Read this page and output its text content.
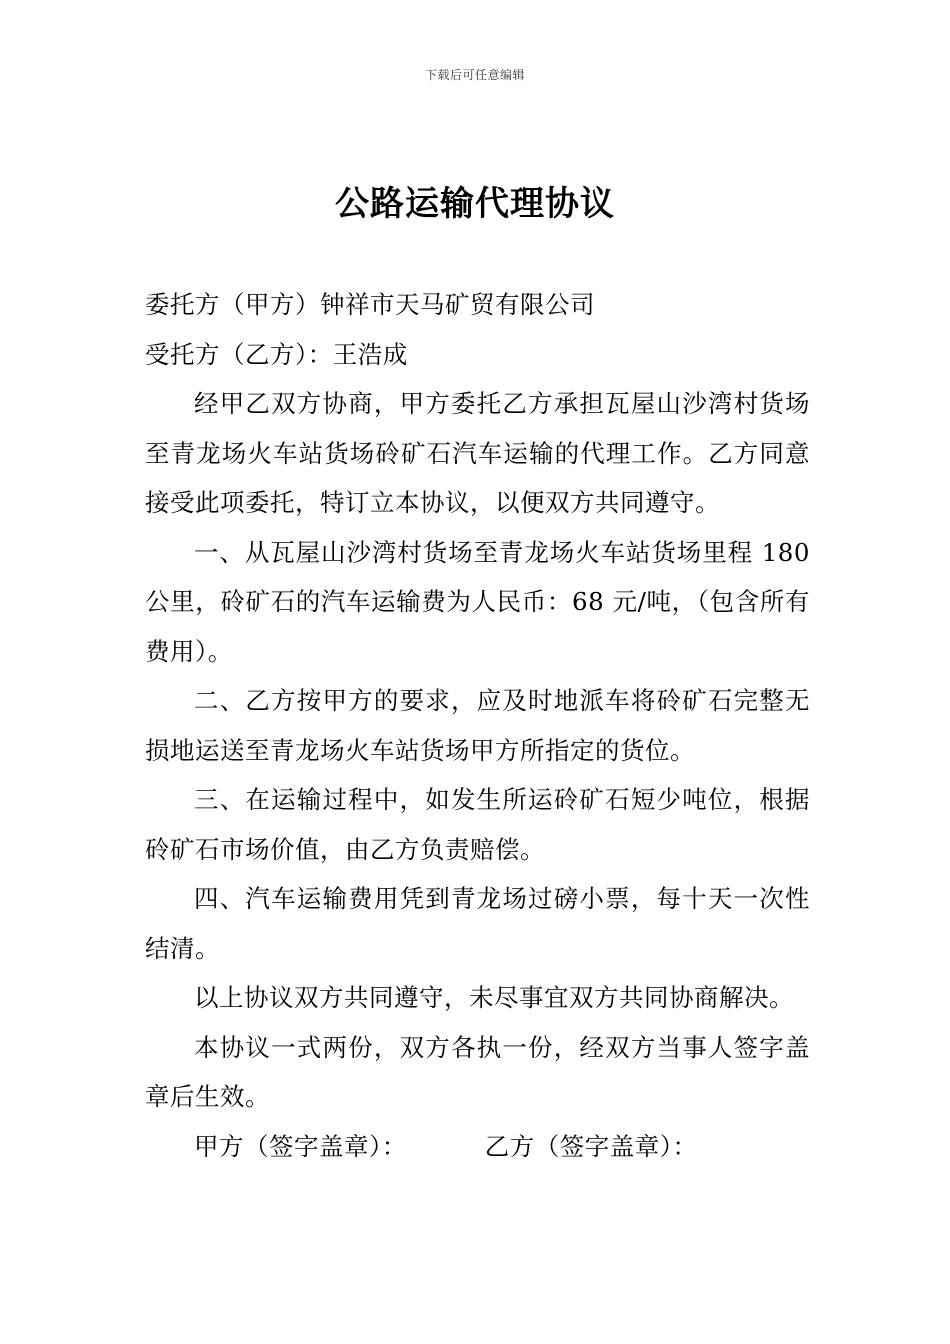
下载后可任意编辑
公路运输代理协议

委托方（甲方）钟祥市天马矿贸有限公司

受托方（乙方）：王浩成

经甲乙双方协商，甲方委托乙方承担瓦屋山沙湾村货场至青龙场火车站货场砱矿石汽车运输的代理工作。乙方同意接受此项委托，特订立本协议，以便双方共同遵守。

一、从瓦屋山沙湾村货场至青龙场火车站货场里程 180 公里，砱矿石的汽车运输费为人民币：68 元/吨，（包含所有费用）。

二、乙方按甲方的要求，应及时地派车将砱矿石完整无损地运送至青龙场火车站货场甲方所指定的货位。

三、在运输过程中，如发生所运砱矿石短少吨位，根据砱矿石市场价值，由乙方负责赔偿。

四、汽车运输费用凭到青龙场过磅小票，每十天一次性结清。

以上协议双方共同遵守，未尽事宜双方共同协商解决。

本协议一式两份，双方各执一份，经双方当事人签字盖章后生效。

甲方（签字盖章）：	乙方（签字盖章）：
